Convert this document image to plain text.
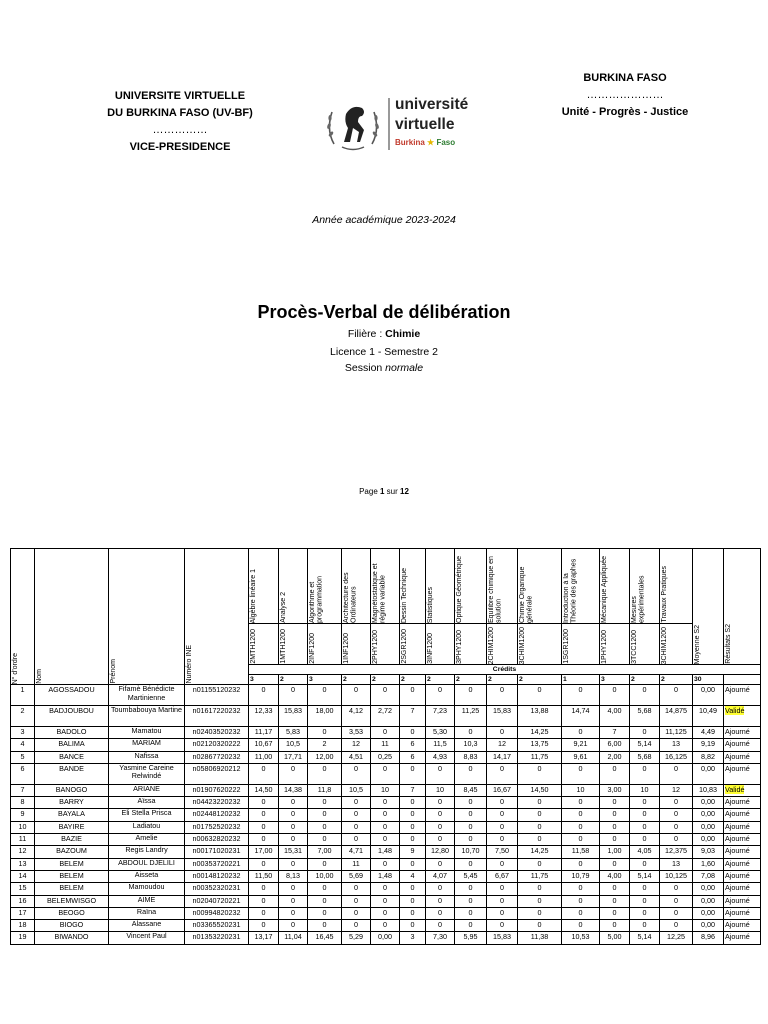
UNIVERSITE VIRTUELLE
DU BURKINA FASO (UV-BF)
……………
VICE-PRESIDENCE
université
virtuelle
Burkina ★ Faso
BURKINA FASO
…………………
Unité - Progrès - Justice
Année académique 2023-2024
Procès-Verbal de délibération
Filière : Chimie
Licence 1 - Semestre 2
Session normale
Page 1 sur 12
N° d'ordre	Nom	Prénom	Numéro INE	Algèbre linéaire 1	Analyse 2	Algorithme et programmation	Architecture des Ordinateurs	Magnétostatique et régime variable	Dessin Technique	Statistiques	Optique Géométrique	Equilibre chimique en solution	Chimie Organique générale	Introduction à la Théorie des graphes	Mécanique Appliquée	Mesures expérimentales	Travaux Pratiques	Moyenne S2	Résultats S2

				2MTH1200	1MTH1200	2INF1200	1INF1200	2PHY1200	2SGR1200	3INF1200	3PHY1200	2CHIM1200	3CHIM1200	1SGR1200	1PHY1200	3TCC1200	3CHIM1200		

				Crédits															
				3	2	3	2	2	2	2	2	2	2	1	3	2	2	30	
1	AGOSSADOU	Fifamè Bénédicte Martinienne	n01155120232	0	0	0	0	0	0	0	0	0	0	0	0	0	0	0,00	Ajourné
2	BADJOUBOU	Toumbabouya Martine	n01617220232	12,33	15,83	18,00	4,12	2,72	7	7,23	11,25	15,83	13,88	14,74	4,00	5,68	14,875	10,49	Validé
3	BADOLO	Mamatou	n02403520232	11,17	5,83	0	3,53	0	0	5,30	0	0	14,25	0	7	0	11,125	4,49	Ajourné
4	BALIMA	MARIAM	n02120320222	10,67	10,5	2	12	11	6	11,5	10,3	12	13,75	9,21	6,00	5,14	13	9,19	Ajourné
5	BANCE	Nafissa	n02867720232	11,00	17,71	12,00	4,51	0,25	6	4,93	8,83	14,17	11,75	9,61	2,00	5,68	16,125	8,82	Ajourné
6	BANDE	Yasmine Careine Relwindé	n05806920212	0	0	0	0	0	0	0	0	0	0	0	0	0	0	0,00	Ajourné
7	BANOGO	ARIANE	n01907620222	14,50	14,38	11,8	10,5	10	7	10	8,45	16,67	14,50	10	3,00	10	12	10,83	Validé
8	BARRY	Aïssa	n04423220232	0	0	0	0	0	0	0	0	0	0	0	0	0	0	0,00	Ajourné
9	BAYALA	Eli Stella Prisca	n02448120232	0	0	0	0	0	0	0	0	0	0	0	0	0	0	0,00	Ajourné
10	BAYIRE	Ladiatou	n01752520232	0	0	0	0	0	0	0	0	0	0	0	0	0	0	0,00	Ajourné
11	BAZIE	Amelie	n00632820232	0	0	0	0	0	0	0	0	0	0	0	0	0	0	0,00	Ajourné
12	BAZOUM	Regis Landry	n00171020231	17,00	15,31	7,00	4,71	1,48	9	12,80	10,70	7,50	14,25	11,58	1,00	4,05	12,375	9,03	Ajourné
13	BELEM	ABDOUL DJELILI	n00353720221	0	0	0	11	0	0	0	0	0	0	0	0	0	13	1,60	Ajourné
14	BELEM	Aisseta	n00148120232	11,50	8,13	10,00	5,69	1,48	4	4,07	5,45	6,67	11,75	10,79	4,00	5,14	10,125	7,08	Ajourné
15	BELEM	Mamoudou	n00352320231	0	0	0	0	0	0	0	0	0	0	0	0	0	0	0,00	Ajourné
16	BELEMWISGO	AIME	n02040720221	0	0	0	0	0	0	0	0	0	0	0	0	0	0	0,00	Ajourné
17	BEOGO	Raïna	n00994820232	0	0	0	0	0	0	0	0	0	0	0	0	0	0	0,00	Ajourné
18	BIOGO	Alassane	n03365520231	0	0	0	0	0	0	0	0	0	0	0	0	0	0	0,00	Ajourné
19	BIWANDO	Vincent Paul	n01353220231	13,17	11,04	16,45	5,29	0,00	3	7,30	5,95	15,83	11,38	10,53	5,00	5,14	12,25	8,96	Ajourné
